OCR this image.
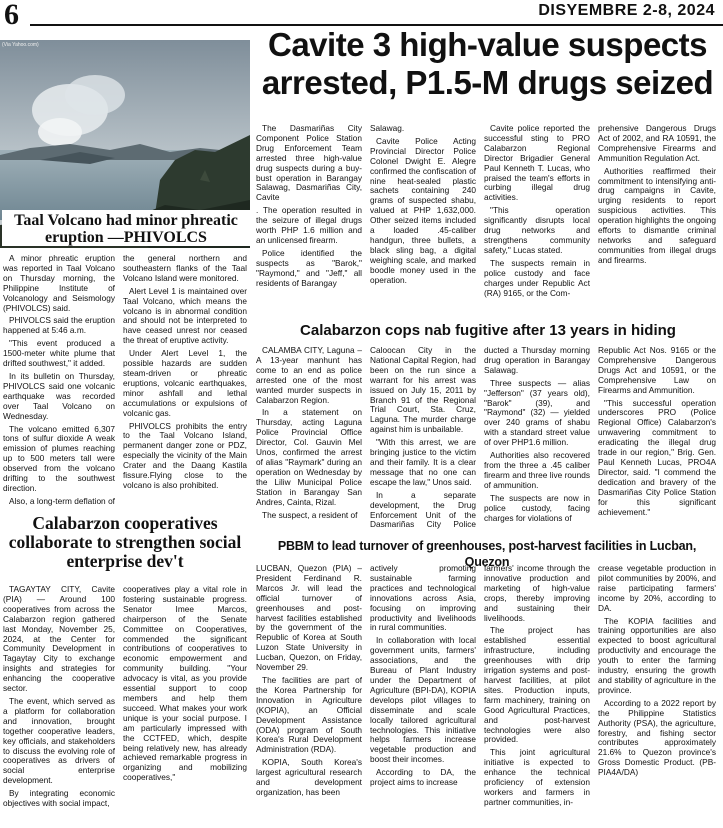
6	DISYEMBRE 2-8, 2024
(Via Yahoo.com)	Cavite 3 high-value suspects arrested, P1.5-M drugs seized

The Dasmariñas City Component Police Station Drug Enforcement Team arrested three high-value drug suspects during a buy-bust operation in Barangay Salawag, Dasmariñas City, Cavite

. The operation resulted in the seizure of illegal drugs worth PHP 1.6 million and an unlicensed firearm.

Police identified the suspects as "Barok," "Raymond," and "Jeff," all residents of Barangay

Salawag.

Cavite Police Acting Provincial Director Police Colonel Dwight E. Alegre confirmed the confiscation of nine heat-sealed plastic sachets containing 240 grams of suspected shabu, valued at PHP 1,632,000. Other seized items included a loaded .45-caliber handgun, three bullets, a black sling bag, a digital weighing scale, and marked boodle money used in the operation.

Cavite police reported the successful sting to PRO Calabarzon Regional Director Brigadier General Paul Kenneth T. Lucas, who praised the team's efforts in curbing illegal drug activities.

"This operation significantly disrupts local drug networks and strengthens community safety," Lucas stated.

The suspects remain in police custody and face charges under Republic Act (RA) 9165, or the Com-

prehensive Dangerous Drugs Act of 2002, and RA 10591, the Comprehensive Firearms and Ammunition Regulation Act.

Authorities reaffirmed their commitment to intensifying anti-drug campaigns in Cavite, urging residents to report suspicious activities. This operation highlights the ongoing efforts to dismantle criminal networks and safeguard communities from illegal drugs and firearms.

Taal Volcano had minor phreatic eruption —PHIVOLCS

A minor phreatic eruption was reported in Taal Volcano on Thursday morning, the Philippine Institute of Volcanology and Seismology (PHIVOLCS) said.

PHIVOLCS said the eruption happened at 5:46 a.m.

"This event produced a 1500-meter white plume that drifted southwest," it added.

In its bulletin on Thursday, PHIVOLCS said one volcanic earthquake was recorded over Taal Volcano on Wednesday.

The volcano emitted 6,307 tons of sulfur dioxide A weak emission of plumes reaching up to 500 meters tall were observed from the volcano drifting to the southwest direction.

Also, a long-term deflation of

the general northern and southeastern flanks of the Taal Volcano Island were monitored.

Alert Level 1 is maintained over Taal Volcano, which means the volcano is in abnormal condition and should not be interpreted to have ceased unrest nor ceased the threat of eruptive activity.

Under Alert Level 1, the possible hazards are sudden steam-driven or phreatic eruptions, volcanic earthquakes, minor ashfall and lethal accumulations or expulsions of volcanic gas.

PHIVOLCS prohibits the entry to the Taal Volcano Island, permanent danger zone or PDZ, especially the vicinity of the Main Crater and the Daang Kastila fissure.Flying close to the volcano is also prohibited.

Calabarzon cops nab fugitive after 13 years in hiding

CALAMBA CITY, Laguna – A 13-year manhunt has come to an end as police arrested one of the most wanted murder suspects in Calabarzon Region.

In a statement on Thursday, acting Laguna Police Provincial Office Director, Col. Gauvin Mel Unos, confirmed the arrest of alias "Raymark" during an operation on Wednesday by the Liliw Municipal Police Station in Barangay San Andres, Cainta, Rizal.

The suspect, a resident of

Caloocan City in the National Capital Region, had been on the run since a warrant for his arrest was issued on July 15, 2011 by Branch 91 of the Regional Trial Court, Sta. Cruz, Laguna. The murder charge against him is unbailable.

"With this arrest, we are bringing justice to the victim and their family. It is a clear message that no one can escape the law," Unos said.

In a separate development, the Drug Enforcement Unit of the Dasmariñas City Police

ducted a Thursday morning drug operation in Barangay Salawag.

Three suspects — alias "Jefferson" (37 years old), "Barok" (39), and "Raymond" (32) — yielded over 240 grams of shabu with a standard street value of over PHP1.6 million.

Authorities also recovered from the three a .45 caliber firearm and three live rounds of ammunition.

The suspects are now in police custody, facing charges for violations of

Republic Act Nos. 9165 or the Comprehensive Dangerous Drugs Act and 10591, or the Comprehensive Law on Firearms and Ammunition.

"This successful operation underscores PRO (Police Regional Office) Calabarzon's unwavering commitment to eradicating the illegal drug trade in our region," Brig. Gen. Paul Kenneth Lucas, PRO4A Director, said. "I commend the dedication and bravery of the Dasmariñas City Police Station for this significant achievement."

Calabarzon cooperatives collaborate to strengthen social enterprise dev't

TAGAYTAY CITY, Cavite (PIA) — Around 100 cooperatives from across the Calabarzon region gathered last Monday, November 25, 2024, at the Center for Community Development in Tagaytay City to exchange insights and strategies for enhancing the cooperative sector.

The event, which served as a platform for collaboration and innovation, brought together cooperative leaders, key officials, and stakeholders to discuss the evolving role of cooperatives as drivers of social enterprise development.

By integrating economic objectives with social impact,

cooperatives play a vital role in fostering sustainable progress. Senator Imee Marcos, chairperson of the Senate Committee on Cooperatives, commended the significant contributions of cooperatives to economic empowerment and community building. "Your advocacy is vital, as you provide essential support to coop members and help them succeed. What makes your work unique is your social purpose. I am particularly impressed with the CCTFED, which, despite being relatively new, has already achieved remarkable progress in organizing and mobilizing cooperatives,"

PBBM to lead turnover of greenhouses, post-harvest facilities in Lucban, Quezon

LUCBAN, Quezon (PIA) – President Ferdinand R. Marcos Jr. will lead the official turnover of greenhouses and post-harvest facilities established by the government of the Republic of Korea at South Luzon State University in Lucban, Quezon, on Friday, November 29.

The facilities are part of the Korea Partnership for Innovation in Agriculture (KOPIA), an Official Development Assistance (ODA) program of South Korea's Rural Development Administration (RDA).

KOPIA, South Korea's largest agricultural research and development organization, has been

actively promoting sustainable farming practices and technological innovations across Asia, focusing on improving productivity and livelihoods in rural communities.

In collaboration with local government units, farmers' associations, and the Bureau of Plant Industry under the Department of Agriculture (BPI-DA), KOPIA develops pilot villages to disseminate and scale locally tailored agricultural technologies. This initiative helps farmers increase vegetable production and boost their incomes.

According to DA, the project aims to increase

farmers' income through the innovative production and marketing of high-value crops, thereby improving and sustaining their livelihoods.

The project has established essential infrastructure, including greenhouses with drip irrigation systems and post-harvest facilities, at pilot sites. Production inputs, farm machinery, training on Good Agricultural Practices, and post-harvest technologies were also provided.

This joint agricultural initiative is expected to enhance the technical proficiency of extension workers and farmers in partner communities, in-

crease vegetable production in pilot communities by 200%, and raise participating farmers' income by 20%, according to DA.

The KOPIA facilities and training opportunities are also expected to boost agricultural productivity and encourage the youth to enter the farming industry, ensuring the growth and stability of agriculture in the province.

According to a 2022 report by the Philippine Statistics Authority (PSA), the agriculture, forestry, and fishing sector contributes approximately 21.6% to Quezon province's Gross Domestic Product. (PB-PIA4A/DA)
